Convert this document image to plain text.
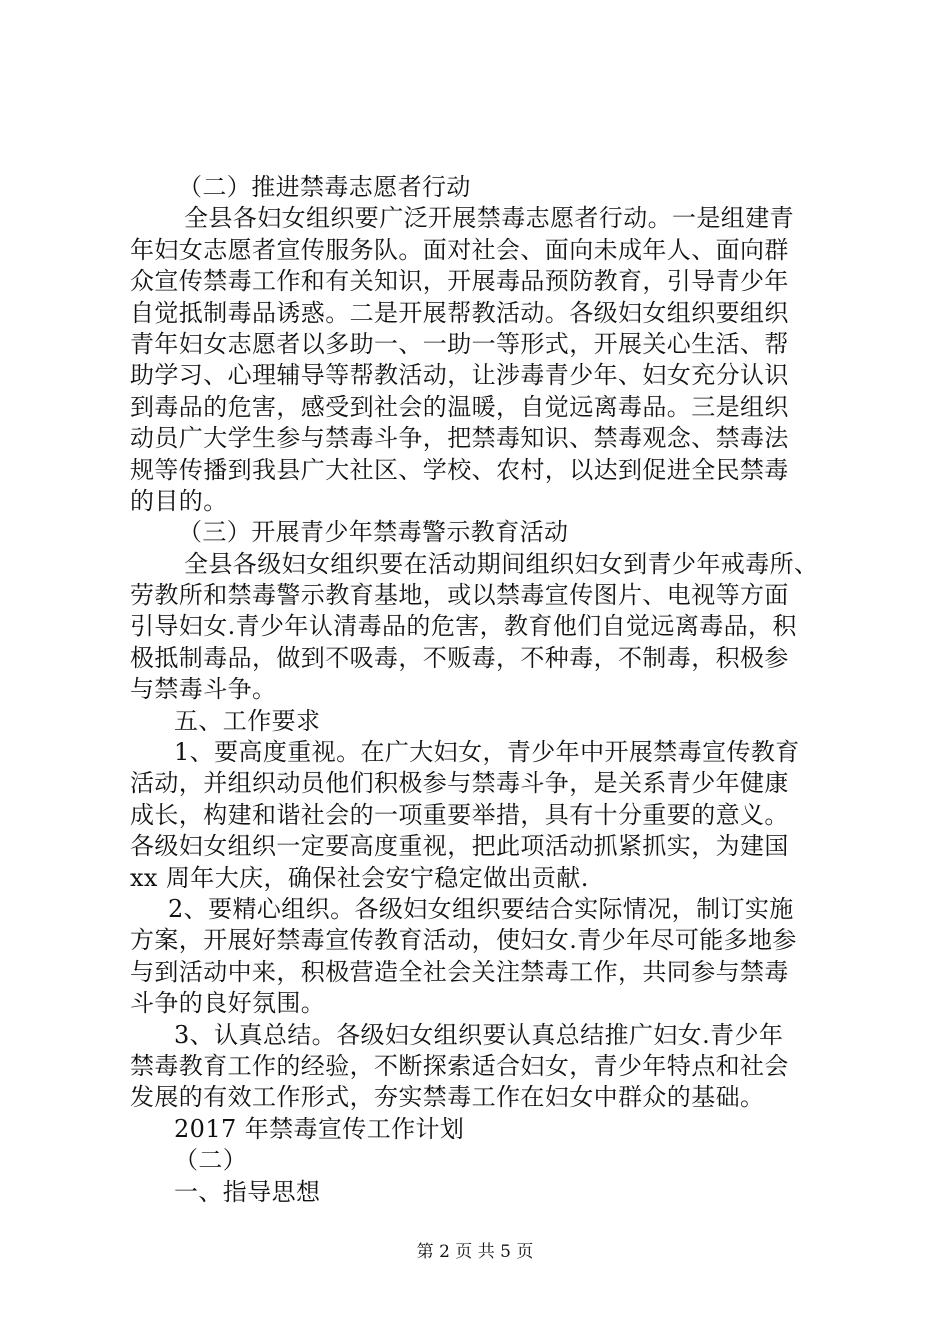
（二）推进禁毒志愿者行动
全县各妇女组织要广泛开展禁毒志愿者行动。一是组建青
年妇女志愿者宣传服务队。面对社会、面向未成年人、面向群
众宣传禁毒工作和有关知识，开展毒品预防教育，引导青少年
自觉抵制毒品诱惑。二是开展帮教活动。各级妇女组织要组织
青年妇女志愿者以多助一、一助一等形式，开展关心生活、帮
助学习、心理辅导等帮教活动，让涉毒青少年、妇女充分认识
到毒品的危害，感受到社会的温暖，自觉远离毒品。三是组织
动员广大学生参与禁毒斗争，把禁毒知识、禁毒观念、禁毒法
规等传播到我县广大社区、学校、农村，以达到促进全民禁毒
的目的。
（三）开展青少年禁毒警示教育活动
全县各级妇女组织要在活动期间组织妇女到青少年戒毒所、
劳教所和禁毒警示教育基地，或以禁毒宣传图片、电视等方面
引导妇女.青少年认清毒品的危害，教育他们自觉远离毒品，积
极抵制毒品，做到不吸毒，不贩毒，不种毒，不制毒，积极参
与禁毒斗争。
五、工作要求
1、要高度重视。在广大妇女，青少年中开展禁毒宣传教育
活动，并组织动员他们积极参与禁毒斗争，是关系青少年健康
成长，构建和谐社会的一项重要举措，具有十分重要的意义。
各级妇女组织一定要高度重视，把此项活动抓紧抓实，为建国
xx 周年大庆，确保社会安宁稳定做出贡献.
2、要精心组织。各级妇女组织要结合实际情况，制订实施
方案，开展好禁毒宣传教育活动，使妇女.青少年尽可能多地参
与到活动中来，积极营造全社会关注禁毒工作，共同参与禁毒
斗争的良好氛围。
3、认真总结。各级妇女组织要认真总结推广妇女.青少年
禁毒教育工作的经验，不断探索适合妇女，青少年特点和社会
发展的有效工作形式，夯实禁毒工作在妇女中群众的基础。
2017 年禁毒宣传工作计划
（二）
一、指导思想
第 2 页 共 5 页
